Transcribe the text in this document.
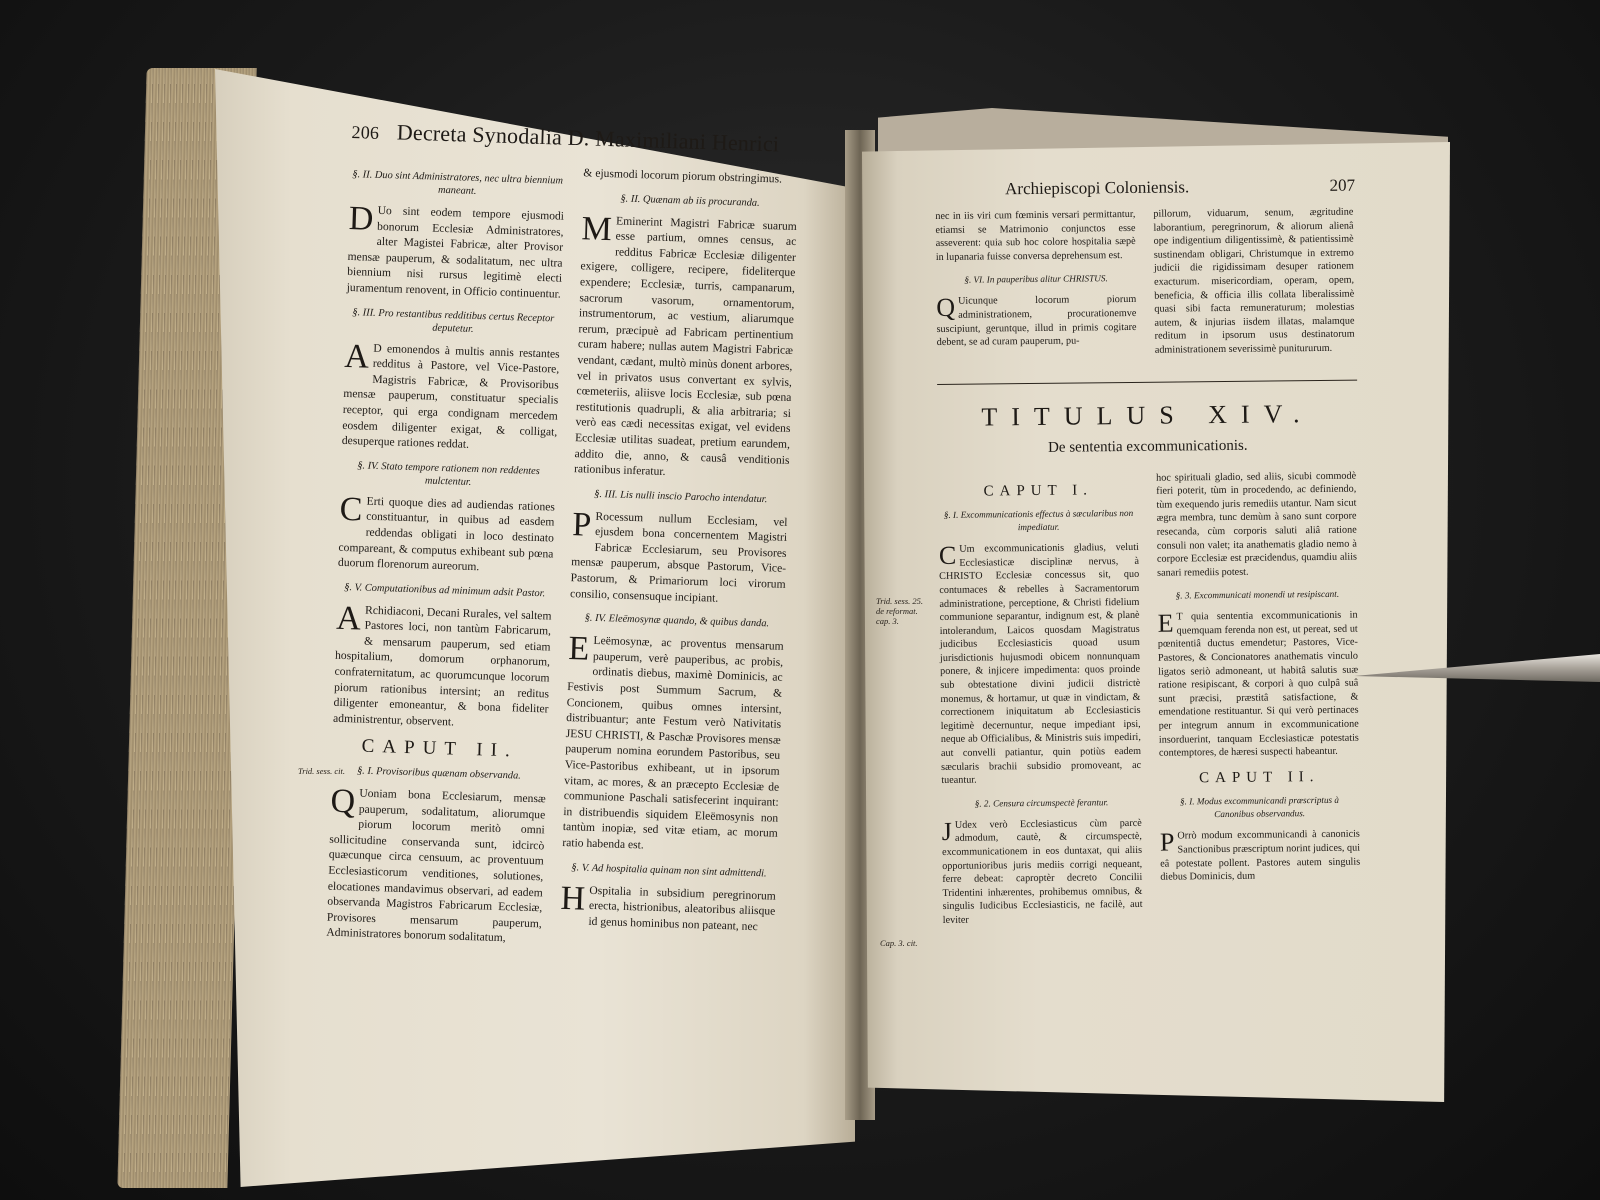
206 Decreta Synodalia D. Maximiliani Henrici
§. II. Duo sint Administratores, nec ultra biennium maneant.

D Uo sint eodem tempore ejusmodi bonorum Ecclesiæ Administratores, alter Magistei Fabricæ, alter Provisor mensæ pauperum, & sodalitatum, nec ultra biennium nisi rursus legitimè electi juramentum renovent, in Officio continuentur.

§. III. Pro restantibus redditibus certus Receptor deputetur.

A D emonendos à multis annis restantes redditus à Pastore, vel Vice-Pastore, Magistris Fabricæ, & Provisoribus mensæ pauperum, constituatur specialis receptor, qui erga condignam mercedem eosdem diligenter exigat, & colligat, desuperque rationes reddat.

§. IV. Stato tempore rationem non reddentes mulctentur.

C Erti quoque dies ad audiendas rationes constituantur, in quibus ad easdem reddendas obligati in loco destinato compareant, & computus exhibeant sub pœna duorum florenorum aureorum.

§. V. Computationibus ad minimum adsit Pastor.

A Rchidiaconi, Decani Rurales, vel saltem Pastores loci, non tantùm Fabricarum, & mensarum pauperum, sed etiam hospitalium, domorum orphanorum, confraternitatum, ac quorumcunque locorum piorum rationibus intersint; an reditus diligenter emoneantur, & bona fideliter administrentur, observent.

CAPUT II.
§. I. Provisoribus quænam observanda.

Q Uoniam bona Ecclesiarum, mensæ pauperum, sodalitatum, aliorumque piorum locorum meritò omni sollicitudine conservanda sunt, idcircò quæcunque circa censuum, ac proventuum Ecclesiasticorum venditiones, solutiones, elocationes mandavimus observari, ad eadem observanda Magistros Fabricarum Ecclesiæ, Provisores mensarum pauperum, Administratores bonorum sodalitatum,

& ejusmodi locorum piorum obstringimus.

§. II. Quænam ab iis procuranda.

M Eminerint Magistri Fabricæ suarum esse partium, omnes census, ac redditus Fabricæ Ecclesiæ diligenter exigere, colligere, recipere, fideliterque expendere; Ecclesiæ, turris, campanarum, sacrorum vasorum, ornamentorum, instrumentorum, ac vestium, aliarumque rerum, præcipuè ad Fabricam pertinentium curam habere; nullas autem Magistri Fabricæ vendant, cædant, multò minùs donent arbores, vel in privatos usus convertant ex sylvis, cœmeteriis, aliisve locis Ecclesiæ, sub pœna restitutionis quadrupli, & alia arbitraria; si verò eas cædi necessitas exigat, vel evidens Ecclesiæ utilitas suadeat, pretium earundem, addito die, anno, & causâ venditionis rationibus inferatur.

§. III. Lis nulli inscio Parocho intendatur.

P Rocessum nullum Ecclesiam, vel ejusdem bona concernentem Magistri Fabricæ Ecclesiarum, seu Provisores mensæ pauperum, absque Pastorum, Vice-Pastorum, & Primariorum loci virorum consilio, consensuque incipiant.

§. IV. Eleëmosynæ quando, & quibus danda.

E Leëmosynæ, ac proventus mensarum pauperum, verè pauperibus, ac probis, ordinatis diebus, maximè Dominicis, ac Festivis post Summum Sacrum, & Concionem, quibus omnes intersint, distribuantur; ante Festum verò Nativitatis JESU CHRISTI, & Paschæ Provisores mensæ pauperum nomina eorundem Pastoribus, seu Vice-Pastoribus exhibeant, ut in ipsorum vitam, ac mores, & an præcepto Ecclesiæ de communione Paschali satisfecerint inquirant: in distribuendis siquidem Eleëmosynis non tantùm inopiæ, sed vitæ etiam, ac morum ratio habenda est.

§. V. Ad hospitalia quinam non sint admittendi.

H Ospitalia in subsidium peregrinorum erecta, histrionibus, aleatoribus aliisque id genus hominibus non pateant, nec

Trid. sess. cit.
Archiepiscopi Coloniensis.	207

nec in iis viri cum fœminis versari permittantur, etiamsi se Matrimonio conjunctos esse asseverent: quia sub hoc colore hospitalia sæpè in lupanaria fuisse conversa deprehensum est.

§. VI. In pauperibus alitur CHRISTUS.

Q Uicunque locorum piorum administrationem, procurationemve suscipiunt, geruntque, illud in primis cogitare debent, se ad curam pauperum, pu-

pillorum, viduarum, senum, ægritudine laborantium, peregrinorum, & aliorum alienâ ope indigentium diligentissimè, & patientissimè sustinendam obligari, Christumque in extremo judicii die rigidissimam desuper rationem exacturum. misericordiam, operam, opem, beneficia, & officia illis collata liberalissimè quasi sibi facta remuneraturum; molestias autem, & injurias iisdem illatas, malamque reditum in ipsorum usus destinatorum administrationem severissimè punitururum.

TITULUS XIV.
De sententia excommunicationis.
CAPUT I.
§. I. Excommunicationis effectus à sæcularibus non impediatur.

C Um excommunicationis gladius, veluti Ecclesiasticæ disciplinæ nervus, à CHRISTO Ecclesiæ concessus sit, quo contumaces & rebelles à Sacramentorum administratione, perceptione, & Christi fidelium communione separantur, indignum est, & planè intolerandum, Laicos quosdam Magistratus judicibus Ecclesiasticis quoad usum jurisdictionis hujusmodi obicem nonnunquam ponere, & injicere impedimenta: quos proinde sub obtestatione divini judicii districtè monemus, & hortamur, ut quæ in vindictam, & correctionem iniquitatum ab Ecclesiasticis legitimè decernuntur, neque impediant ipsi, neque ab Officialibus, & Ministris suis impediri, aut convelli patiantur, quin potiùs eadem sæcularis brachii subsidio promoveant, ac tueantur.

§. 2. Censura circumspectè ferantur.

J Udex verò Ecclesiasticus cùm parcè admodum, cautè, & circumspectè, excommunicationem in eos duntaxat, qui aliis opportunioribus juris mediis corrigi nequeant, ferre debeat: caproptèr decreto Concilii Tridentini inhærentes, prohibemus omnibus, & singulis Iudicibus Ecclesiasticis, ne facilè, aut leviter

hoc spirituali gladio, sed aliis, sicubi commodè fieri poterit, tùm in procedendo, ac definiendo, tùm exequendo juris remediis utantur. Nam sicut ægra membra, tunc demùm à sano sunt corpore resecanda, cùm corporis saluti aliâ ratione consuli non valet; ita anathematis gladio nemo à corpore Ecclesiæ est præcidendus, quamdiu aliis sanari remediis potest.

§. 3. Excommunicati monendi ut resipiscant.

E T quia sententia excommunicationis in quemquam ferenda non est, ut pereat, sed ut pœnitentiâ ductus emendetur; Pastores, Vice-Pastores, & Concionatores anathematis vinculo ligatos seriò admoneant, ut habitâ salutis suæ ratione resipiscant, & corpori à quo culpâ suâ sunt præcisi, præstitâ satisfactione, & emendatione restituantur. Si qui verò pertinaces per integrum annum in excommunicatione insorduerint, tanquam Ecclesiasticæ potestatis contemptores, de hæresi suspecti habeantur.

CAPUT II.
§. I. Modus excommunicandi præscriptus à Canonibus observandus.

P Orrò modum excommunicandi à canonicis Sanctionibus præscriptum norint judices, qui eâ potestate pollent. Pastores autem singulis diebus Dominicis, dum

Trid. sess. 25. de reformat. cap. 3.
Cap. 3. cit.
